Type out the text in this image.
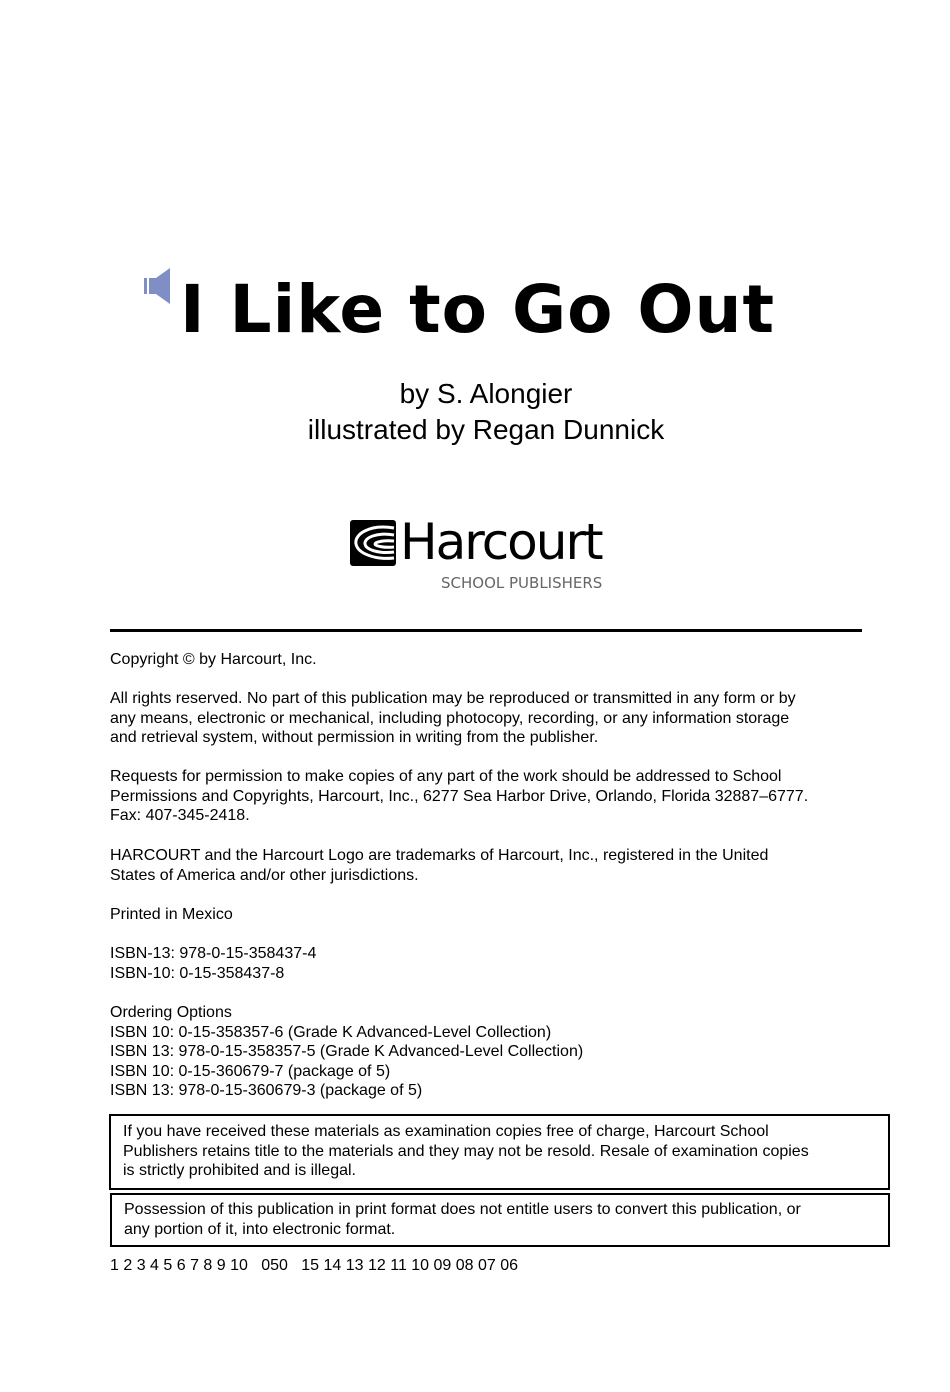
I Like to Go Out
by S. Alongier
illustrated by Regan Dunnick
Harcourt
SCHOOL PUBLISHERS
Copyright © by Harcourt, Inc.
All rights reserved. No part of this publication may be reproduced or transmitted in any form or by
any means, electronic or mechanical, including photocopy, recording, or any information storage
and retrieval system, without permission in writing from the publisher.
Requests for permission to make copies of any part of the work should be addressed to School
Permissions and Copyrights, Harcourt, Inc., 6277 Sea Harbor Drive, Orlando, Florida 32887–6777.
Fax: 407-345-2418.
HARCOURT and the Harcourt Logo are trademarks of Harcourt, Inc., registered in the United
States of America and/or other jurisdictions.
Printed in Mexico
ISBN-13: 978-0-15-358437-4
ISBN-10: 0-15-358437-8
Ordering Options
ISBN 10: 0-15-358357-6 (Grade K Advanced-Level Collection)
ISBN 13: 978-0-15-358357-5 (Grade K Advanced-Level Collection)
ISBN 10: 0-15-360679-7 (package of 5)
ISBN 13: 978-0-15-360679-3 (package of 5)
If you have received these materials as examination copies free of charge, Harcourt School
Publishers retains title to the materials and they may not be resold. Resale of examination copies
is strictly prohibited and is illegal.
Possession of this publication in print format does not entitle users to convert this publication, or
any portion of it, into electronic format.
1 2 3 4 5 6 7 8 9 10   050   15 14 13 12 11 10 09 08 07 06
